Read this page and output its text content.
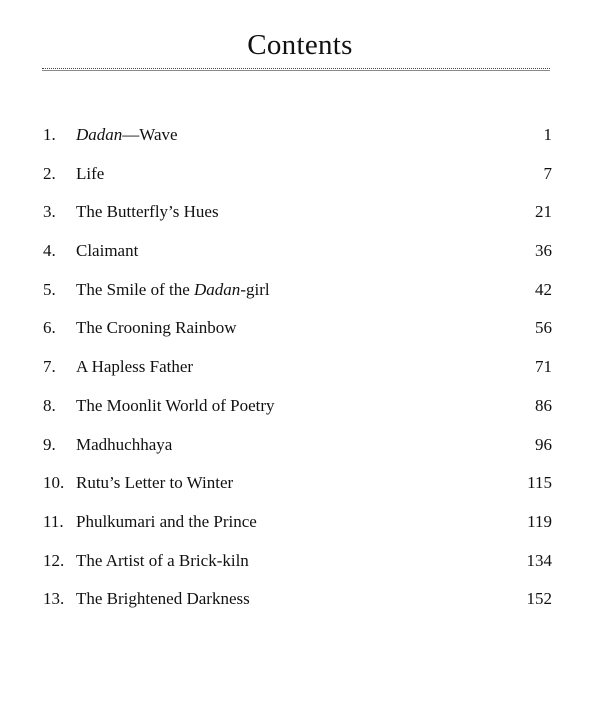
Contents
1. Dadan—Wave	1
2. Life	7
3. The Butterfly’s Hues	21
4. Claimant	36
5. The Smile of the Dadan-girl	42
6. The Crooning Rainbow	56
7. A Hapless Father	71
8. The Moonlit World of Poetry	86
9. Madhuchhaya	96
10. Rutu’s Letter to Winter	115
11. Phulkumari and the Prince	119
12. The Artist of a Brick-kiln	134
13. The Brightened Darkness	152
